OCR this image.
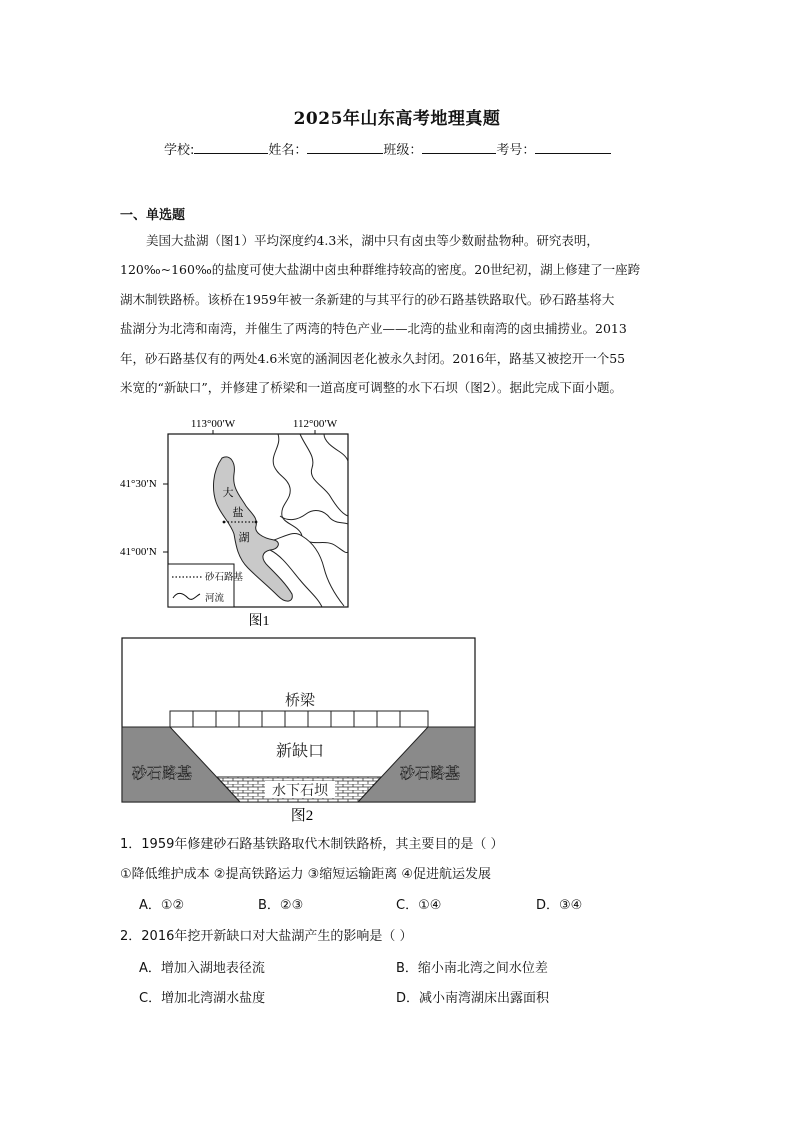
2025年山东高考地理真题
学校:	姓名：	班级：	考号：
一、单选题
美国大盐湖（图1）平均深度约4.3米，湖中只有卤虫等少数耐盐物种。研究表明，
120‰~160‰的盐度可使大盐湖中卤虫种群维持较高的密度。20世纪初，湖上修建了一座跨
湖木制铁路桥。该桥在1959年被一条新建的与其平行的砂石路基铁路取代。砂石路基将大
盐湖分为北湾和南湾，并催生了两湾的特色产业——北湾的盐业和南湾的卤虫捕捞业。2013
年，砂石路基仅有的两处4.6米宽的涵洞因老化被永久封闭。2016年，路基又被挖开一个55
米宽的“新缺口”，并修建了桥梁和一道高度可调整的水下石坝（图2）。据此完成下面小题。
113°00′W	112°00′W
41°30′N
41°00′N
大
盐
湖
砂石路基
河流
图1
桥梁
水下石坝
新缺口
砂石路基	砂石路基
图2
1．1959年修建砂石路基铁路取代木制铁路桥，其主要目的是（ ）
①降低维护成本 ②提高铁路运力 ③缩短运输距离 ④促进航运发展
A．①②	B．②③	C．①④	D．③④
2．2016年挖开新缺口对大盐湖产生的影响是（ ）
A．增加入湖地表径流	B．缩小南北湾之间水位差
C．增加北湾湖水盐度	D．减小南湾湖床出露面积
